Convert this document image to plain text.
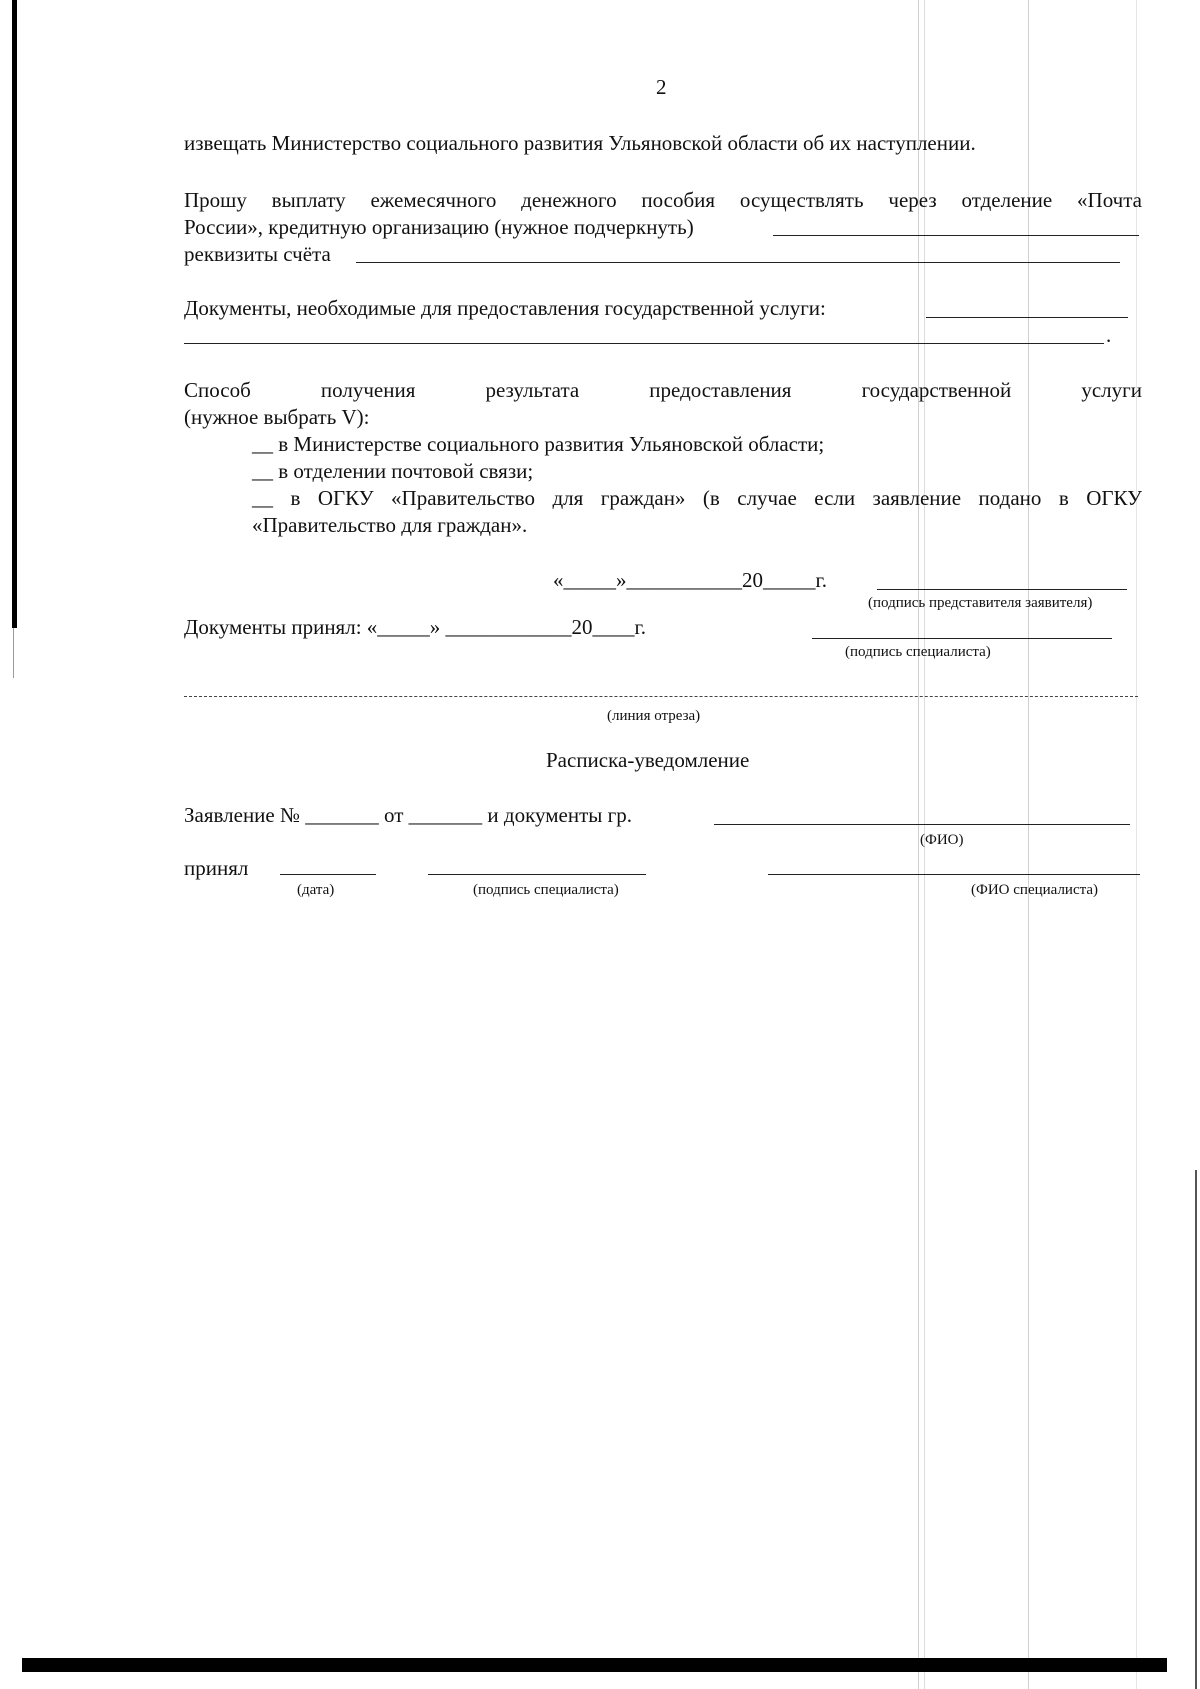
2
извещать Министерство социального развития Ульяновской области об их наступлении.
Прошу выплату ежемесячного денежного пособия осуществлять через отделение «Почта
России», кредитную организацию (нужное подчеркнуть)
реквизиты счёта
Документы, необходимые для предоставления государственной услуги:
.
Способ получения результата предоставления государственной услуги
(нужное выбрать V):
__ в Министерстве социального развития Ульяновской области;
__ в отделении почтовой связи;
__ в ОГКУ «Правительство для граждан» (в случае если заявление подано в ОГКУ
«Правительство для граждан».
«_____»___________20_____г.
(подпись представителя заявителя)
Документы принял: «_____» ____________20____г.
(подпись специалиста)
(линия отреза)
Расписка-уведомление
Заявление № _______ от _______ и документы гр.
(ФИО)
принял
(дата)	(подпись специалиста)	(ФИО специалиста)
